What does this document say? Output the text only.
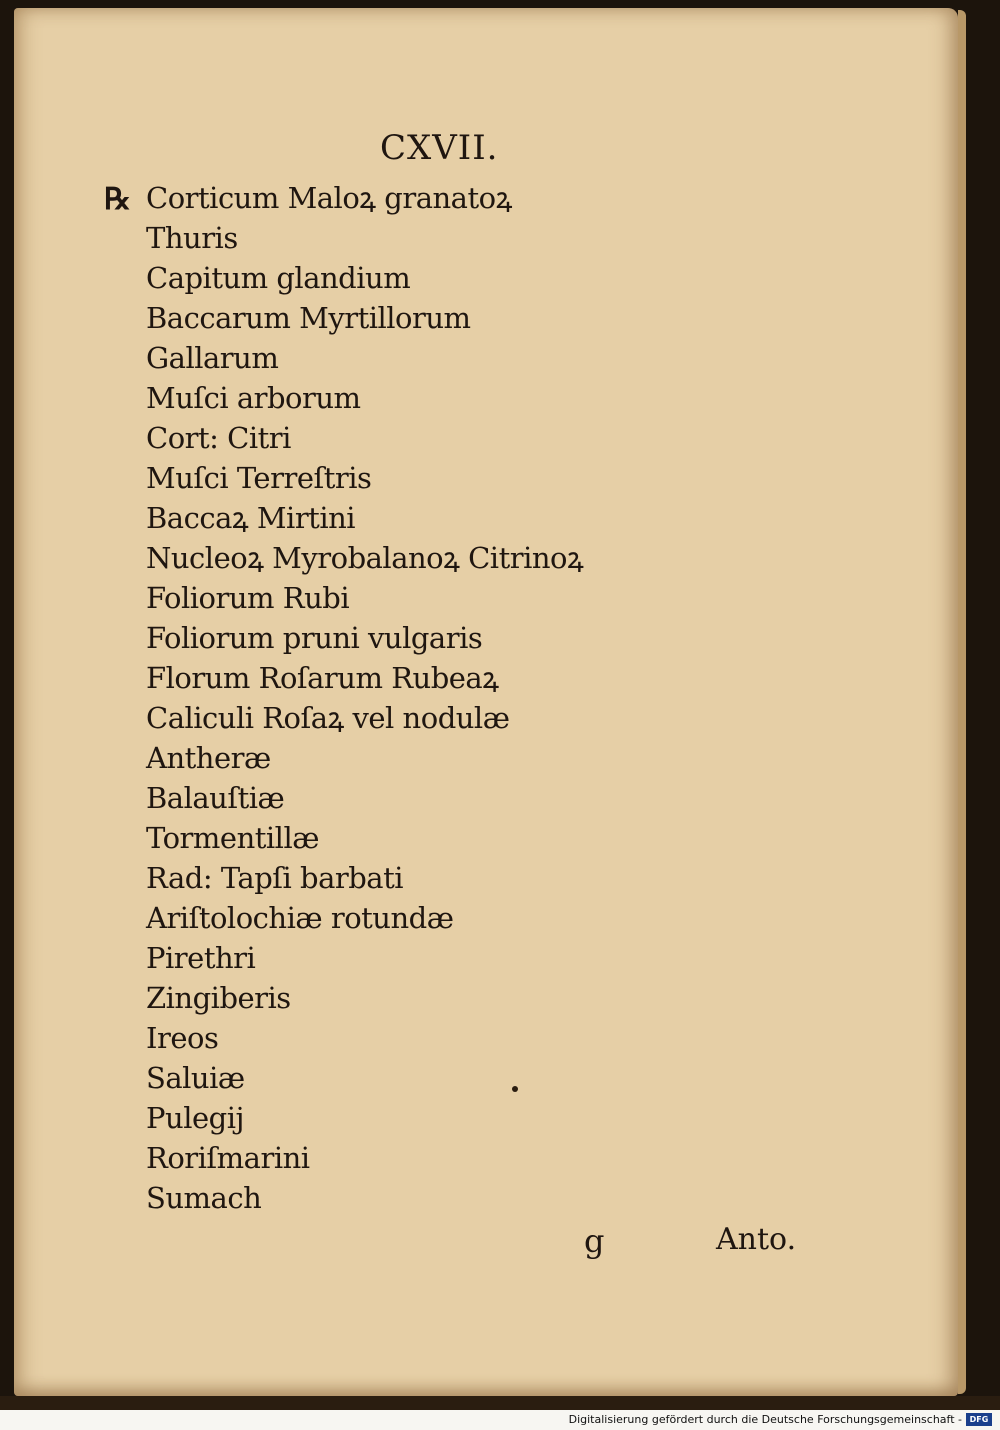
CXVII.
℞ Corticum Maloꝝ granatoꝝ
Thuris
Capitum glandium
Baccarum Myrtillorum
Gallarum
Muſci arborum
Cort: Citri
Muſci Terreſtris
Baccaꝝ Mirtini
Nucleoꝝ Myrobalanoꝝ Citrinoꝝ
Foliorum Rubi
Foliorum pruni vulgaris
Florum Roſarum Rubeaꝝ
Caliculi Roſaꝝ vel nodulæ
Antheræ
Balauſtiæ
Tormentillæ
Rad: Tapſi barbati
Ariſtolochiæ rotundæ
Pirethri
Zingiberis
Ireos
Saluiæ
Pulegij
Roriſmarini
Sumach
g	Anto.
Digitalisierung gefördert durch die Deutsche Forschungsgemeinschaft - DFG
